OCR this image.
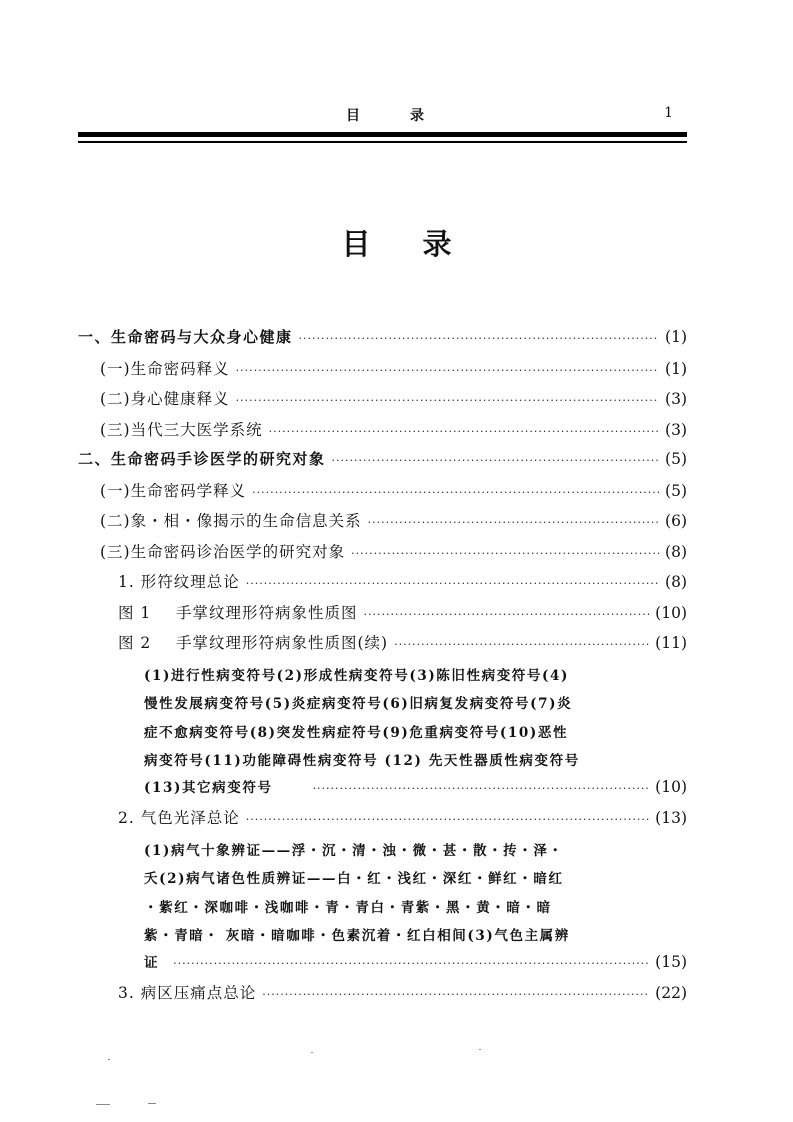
目	录	1
目 录
一、生命密码与大众身心健康 ·····	(1)
(一)生命密码释义 ·····	(1)
(二)身心健康释义 ·····	(3)
(三)当代三大医学系统 ·····	(3)
二、生命密码手诊医学的研究对象 ·····	(5)
(一)生命密码学释义 ·····	(5)
(二)象・相・像揭示的生命信息关系 ·····	(6)
(三)生命密码诊治医学的研究对象 ·····	(8)
1. 形符纹理总论 ·····	(8)
图 1 手掌纹理形符病象性质图 ·····	(10)
图 2 手掌纹理形符病象性质图(续) ·····	(11)
(1)进行性病变符号(2)形成性病变符号(3)陈旧性病变符号(4)
慢性发展病变符号(5)炎症病变符号(6)旧病复发病变符号(7)炎
症不愈病变符号(8)突发性病症符号(9)危重病变符号(10)恶性
病变符号(11)功能障碍性病变符号 (12) 先天性器质性病变符号
(13)其它病变符号 ·····	(10)
2. 气色光泽总论 ·····	(13)
(1)病气十象辨证——浮・沉・清・浊・微・甚・散・抟・泽・
夭(2)病气诸色性质辨证——白・红・浅红・深红・鲜红・暗红
・紫红・深咖啡・浅咖啡・青・青白・青紫・黑・黄・暗・暗
紫・青暗・ 灰暗・暗咖啡・色素沉着・红白相间(3)气色主属辨
证 ·····	(15)
3. 病区压痛点总论 ·····	(22)
